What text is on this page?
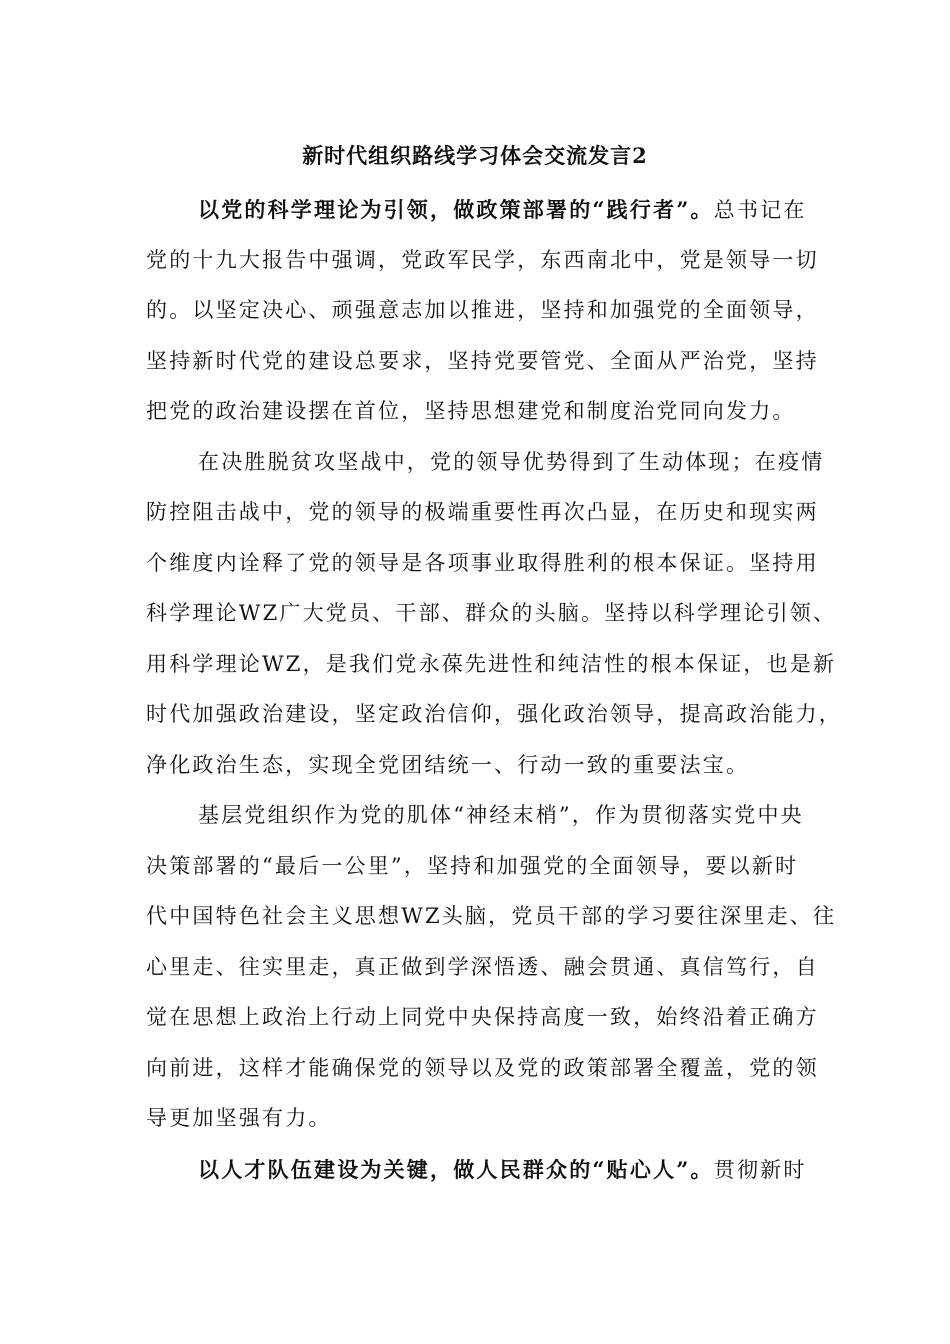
新时代组织路线学习体会交流发言2
以党的科学理论为引领，做政策部署的“践行者”。总书记在
党的十九大报告中强调，党政军民学，东西南北中，党是领导一切
的。以坚定决心、顽强意志加以推进，坚持和加强党的全面领导，
坚持新时代党的建设总要求，坚持党要管党、全面从严治党，坚持
把党的政治建设摆在首位，坚持思想建党和制度治党同向发力。
在决胜脱贫攻坚战中，党的领导优势得到了生动体现；在疫情
防控阻击战中，党的领导的极端重要性再次凸显，在历史和现实两
个维度内诠释了党的领导是各项事业取得胜利的根本保证。坚持用
科学理论WZ广大党员、干部、群众的头脑。坚持以科学理论引领、
用科学理论WZ，是我们党永葆先进性和纯洁性的根本保证，也是新
时代加强政治建设，坚定政治信仰，强化政治领导，提高政治能力，
净化政治生态，实现全党团结统一、行动一致的重要法宝。
基层党组织作为党的肌体“神经末梢”，作为贯彻落实党中央
决策部署的“最后一公里”，坚持和加强党的全面领导，要以新时
代中国特色社会主义思想WZ头脑，党员干部的学习要往深里走、往
心里走、往实里走，真正做到学深悟透、融会贯通、真信笃行，自
觉在思想上政治上行动上同党中央保持高度一致，始终沿着正确方
向前进，这样才能确保党的领导以及党的政策部署全覆盖，党的领
导更加坚强有力。
以人才队伍建设为关键，做人民群众的“贴心人”。贯彻新时
